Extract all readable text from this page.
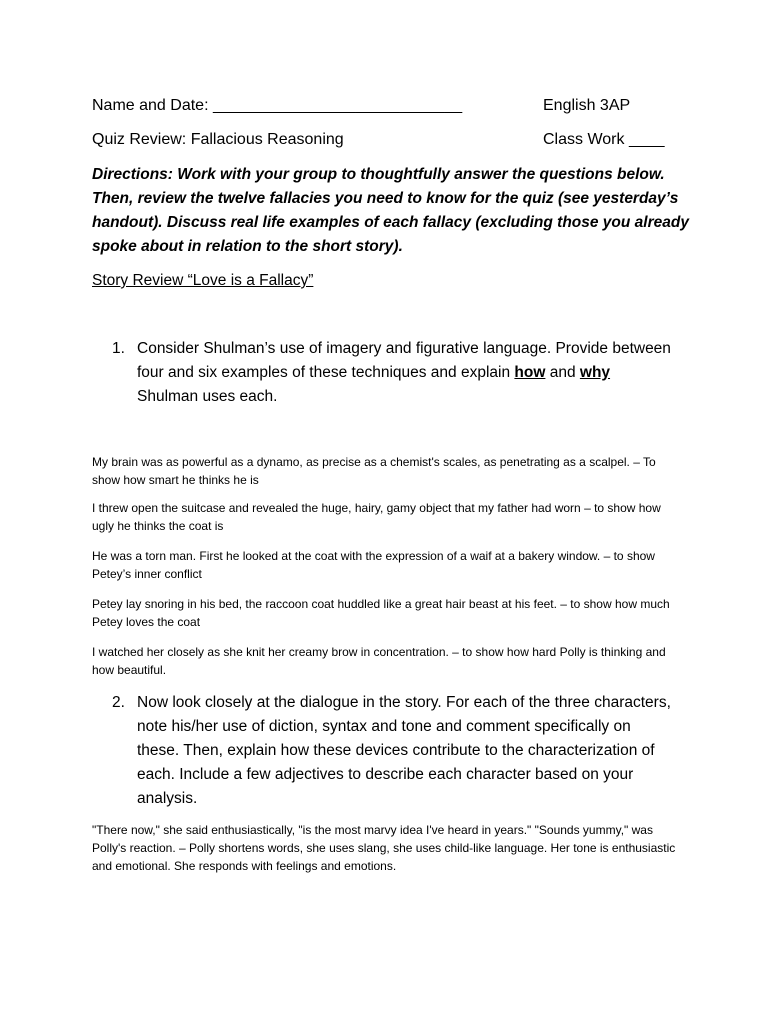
Name and Date: ____________________________	English 3AP
Quiz Review: Fallacious Reasoning	Class Work ____
Directions: Work with your group to thoughtfully answer the questions below. Then, review the twelve fallacies you need to know for the quiz (see yesterday’s handout). Discuss real life examples of each fallacy (excluding those you already spoke about in relation to the short story).
Story Review “Love is a Fallacy”
1. Consider Shulman’s use of imagery and figurative language. Provide between four and six examples of these techniques and explain how and why Shulman uses each.
My brain was as powerful as a dynamo, as precise as a chemist's scales, as penetrating as a scalpel. – To show how smart he thinks he is
I threw open the suitcase and revealed the huge, hairy, gamy object that my father had worn – to show how ugly he thinks the coat is
He was a torn man. First he looked at the coat with the expression of a waif at a bakery window. – to show Petey’s inner conflict
Petey lay snoring in his bed, the raccoon coat huddled like a great hair beast at his feet. – to show how much Petey loves the coat
I watched her closely as she knit her creamy brow in concentration. – to show how hard Polly is thinking and how beautiful.
2. Now look closely at the dialogue in the story. For each of the three characters, note his/her use of diction, syntax and tone and comment specifically on these. Then, explain how these devices contribute to the characterization of each. Include a few adjectives to describe each character based on your analysis.
"There now," she said enthusiastically, "is the most marvy idea I've heard in years." "Sounds yummy," was Polly's reaction. – Polly shortens words, she uses slang, she uses child-like language. Her tone is enthusiastic and emotional. She responds with feelings and emotions.
